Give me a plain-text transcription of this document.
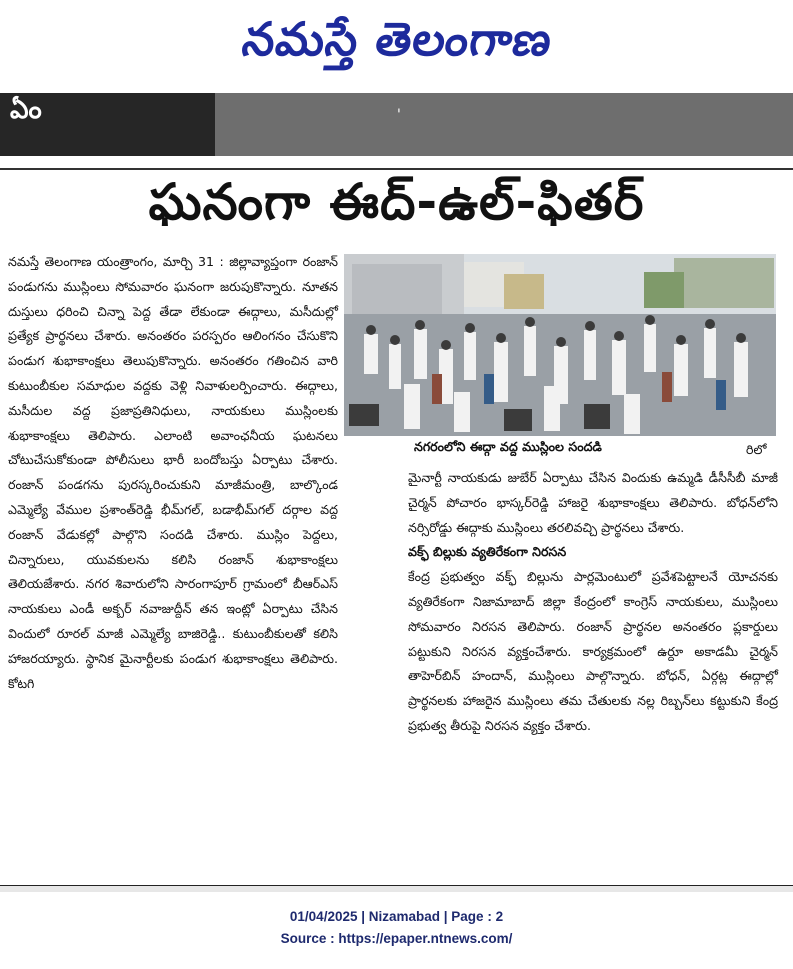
నమస్తే తెలంగాణ
ఏం	'
ఘనంగా ఈద్-ఉల్-ఫితర్

నమస్తే తెలంగాణ యంత్రాంగం, మార్చి 31 : జిల్లావ్యాప్తంగా రంజాన్ పండుగను ముస్లింలు సోమవారం ఘనంగా జరుపుకొన్నారు. నూతన దుస్తులు ధరించి చిన్నా పెద్ద తేడా లేకుండా ఈద్గాలు, మసీదుల్లో ప్రత్యేక ప్రార్థనలు చేశారు. అనంతరం పరస్పరం ఆలింగనం చేసుకొని పండుగ శుభాకాంక్షలు తెలుపుకొన్నారు. అనంతరం గతించిన వారి కుటుంబీకుల సమాధుల వద్దకు వెళ్లి నివాళులర్పించారు. ఈద్గాలు, మసీదుల వద్ద ప్రజాప్రతినిధులు, నాయకులు ముస్లింలకు శుభాకాంక్షలు తెలిపారు. ఎలాంటి అవాంఛనీయ ఘటనలు చోటుచేసుకోకుండా పోలీసులు భారీ బందోబస్తు ఏర్పాటు చేశారు. రంజాన్ పండగను పురస్కరించుకుని మాజీమంత్రి, బాల్కొండ ఎమ్మెల్యే వేముల ప్రశాంత్‌రెడ్డి భీమ్‌గల్, బడాభీమ్‌గల్ దర్గాల వద్ద రంజాన్ వేడుకల్లో పాల్గొని సందడి చేశారు. ముస్లిం పెద్దలు, చిన్నారులు, యువకులను కలిసి రంజాన్ శుభాకాంక్షలు తెలియజేశారు. నగర శివారులోని సారంగాపూర్ గ్రామంలో బీఆర్ఎస్ నాయకులు ఎండీ అక్బర్ నవాజుద్దీన్ తన ఇంట్లో ఏర్పాటు చేసిన విందులో రూరల్ మాజీ ఎమ్మెల్యే బాజిరెడ్డి.. కుటుంబీకులతో కలిసి హాజరయ్యారు. స్థానిక మైనార్టీలకు పండుగ శుభాకాంక్షలు తెలిపారు. కోటగి

నగరంలోని ఈద్గా వద్ద ముస్లింల సందడి	రిలో

మైనార్టీ నాయకుడు జుబేర్ ఏర్పాటు చేసిన విందుకు ఉమ్మడి డీసీసీబీ మాజీ చైర్మన్ పోచారం భాస్కర్‌రెడ్డి హాజరై శుభాకాంక్షలు తెలిపారు. బోధన్‌లోని నర్సిరోడ్డు ఈద్గాకు ముస్లింలు తరలివచ్చి ప్రార్థనలు చేశారు.

వక్ఫ్ బిల్లుకు వ్యతిరేకంగా నిరసన

కేంద్ర ప్రభుత్వం వక్ఫ్ బిల్లును పార్లమెంటులో ప్రవేశపెట్టాలనే యోచనకు వ్యతిరేకంగా నిజామాబాద్ జిల్లా కేంద్రంలో కాంగ్రెస్ నాయకులు, ముస్లింలు సోమవారం నిరసన తెలిపారు. రంజాన్ ప్రార్థనల అనంతరం ప్లకార్డులు పట్టుకుని నిరసన వ్యక్తంచేశారు. కార్యక్రమంలో ఉర్దూ అకాడమీ చైర్మన్ తాహెర్‌బిన్ హందాన్, ముస్లింలు పాల్గొన్నారు. బోధన్, ఏర్గట్ల ఈద్గాల్లో ప్రార్థనలకు హాజరైన ముస్లింలు తమ చేతులకు నల్ల రిబ్బన్‌లు కట్టుకుని కేంద్ర ప్రభుత్వ తీరుపై నిరసన వ్యక్తం చేశారు.

01/04/2025 | Nizamabad | Page : 2
Source : https://epaper.ntnews.com/
